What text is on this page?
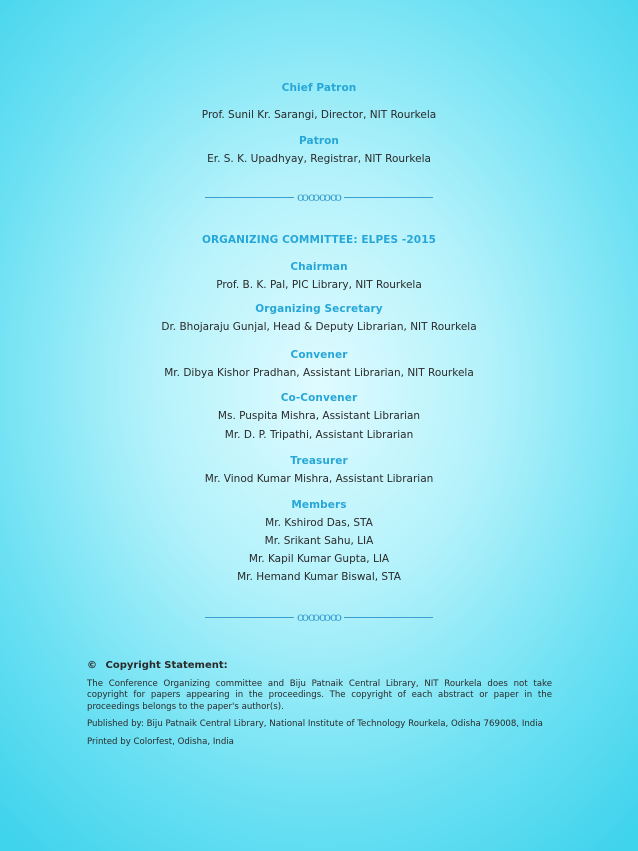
Chief Patron
Prof. Sunil Kr. Sarangi, Director, NIT Rourkela
Patron
Er. S. K. Upadhyay, Registrar, NIT Rourkela
ꝏꝏꝏꝏ
ORGANIZING COMMITTEE: ELPES -2015
Chairman
Prof. B. K. Pal, PIC Library, NIT Rourkela
Organizing Secretary
Dr. Bhojaraju Gunjal, Head & Deputy Librarian, NIT Rourkela
Convener
Mr. Dibya Kishor Pradhan, Assistant Librarian, NIT Rourkela
Co-Convener
Ms. Puspita Mishra, Assistant Librarian
Mr. D. P. Tripathi, Assistant Librarian
Treasurer
Mr. Vinod Kumar Mishra, Assistant Librarian
Members
Mr. Kshirod Das, STA
Mr. Srikant Sahu, LIA
Mr. Kapil Kumar Gupta, LIA
Mr. Hemand Kumar Biswal, STA
ꝏꝏꝏꝏ
© Copyright Statement:

The Conference Organizing committee and Biju Patnaik Central Library, NIT Rourkela does not take copyright for papers appearing in the proceedings. The copyright of each abstract or paper in the proceedings belongs to the paper's author(s).

Published by: Biju Patnaik Central Library, National Institute of Technology Rourkela, Odisha 769008, India

Printed by Colorfest, Odisha, India
